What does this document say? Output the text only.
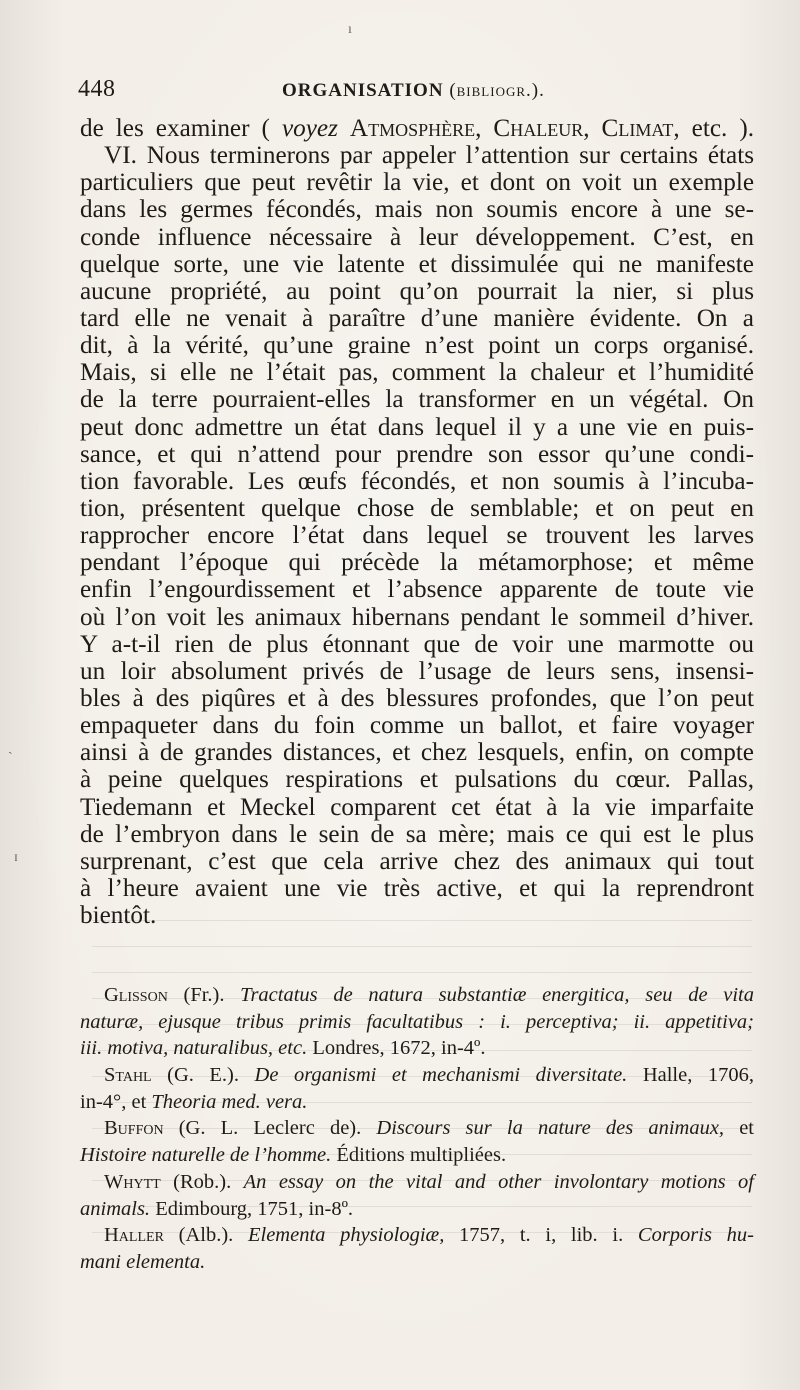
448	ORGANISATION (bibliogr.).
de les examiner ( voyez Atmosphère, Chaleur, Climat, etc. ).
VI. Nous terminerons par appeler l’attention sur certains états
particuliers que peut revêtir la vie, et dont on voit un exemple
dans les germes fécondés, mais non soumis encore à une se-
conde influence nécessaire à leur développement. C’est, en
quelque sorte, une vie latente et dissimulée qui ne manifeste
aucune propriété, au point qu’on pourrait la nier, si plus
tard elle ne venait à paraître d’une manière évidente. On a
dit, à la vérité, qu’une graine n’est point un corps organisé.
Mais, si elle ne l’était pas, comment la chaleur et l’humidité
de la terre pourraient-elles la transformer en un végétal. On
peut donc admettre un état dans lequel il y a une vie en puis-
sance, et qui n’attend pour prendre son essor qu’une condi-
tion favorable. Les œufs fécondés, et non soumis à l’incuba-
tion, présentent quelque chose de semblable; et on peut en
rapprocher encore l’état dans lequel se trouvent les larves
pendant l’époque qui précède la métamorphose; et même
enfin l’engourdissement et l’absence apparente de toute vie
où l’on voit les animaux hibernans pendant le sommeil d’hiver.
Y a-t-il rien de plus étonnant que de voir une marmotte ou
un loir absolument privés de l’usage de leurs sens, insensi-
bles à des piqûres et à des blessures profondes, que l’on peut
empaqueter dans du foin comme un ballot, et faire voyager
ainsi à de grandes distances, et chez lesquels, enfin, on compte
à peine quelques respirations et pulsations du cœur. Pallas,
Tiedemann et Meckel comparent cet état à la vie imparfaite
de l’embryon dans le sein de sa mère; mais ce qui est le plus
surprenant, c’est que cela arrive chez des animaux qui tout
à l’heure avaient une vie très active, et qui la reprendront
bientôt.
Glisson (Fr.). Tractatus de natura substantiæ energitica, seu de vita
naturæ, ejusque tribus primis facultatibus : i. perceptiva; ii. appetitiva;
iii. motiva, naturalibus, etc. Londres, 1672, in-4º.
Stahl (G. E.). De organismi et mechanismi diversitate. Halle, 1706,
in-4°, et Theoria med. vera.
Buffon (G. L. Leclerc de). Discours sur la nature des animaux, et
Histoire naturelle de l’homme. Éditions multipliées.
Whytt (Rob.). An essay on the vital and other involontary motions of
animals. Edimbourg, 1751, in-8º.
Haller (Alb.). Elementa physiologiæ, 1757, t. i, lib. i. Corporis hu-
mani elementa.
ı
ˏ
ɪ
